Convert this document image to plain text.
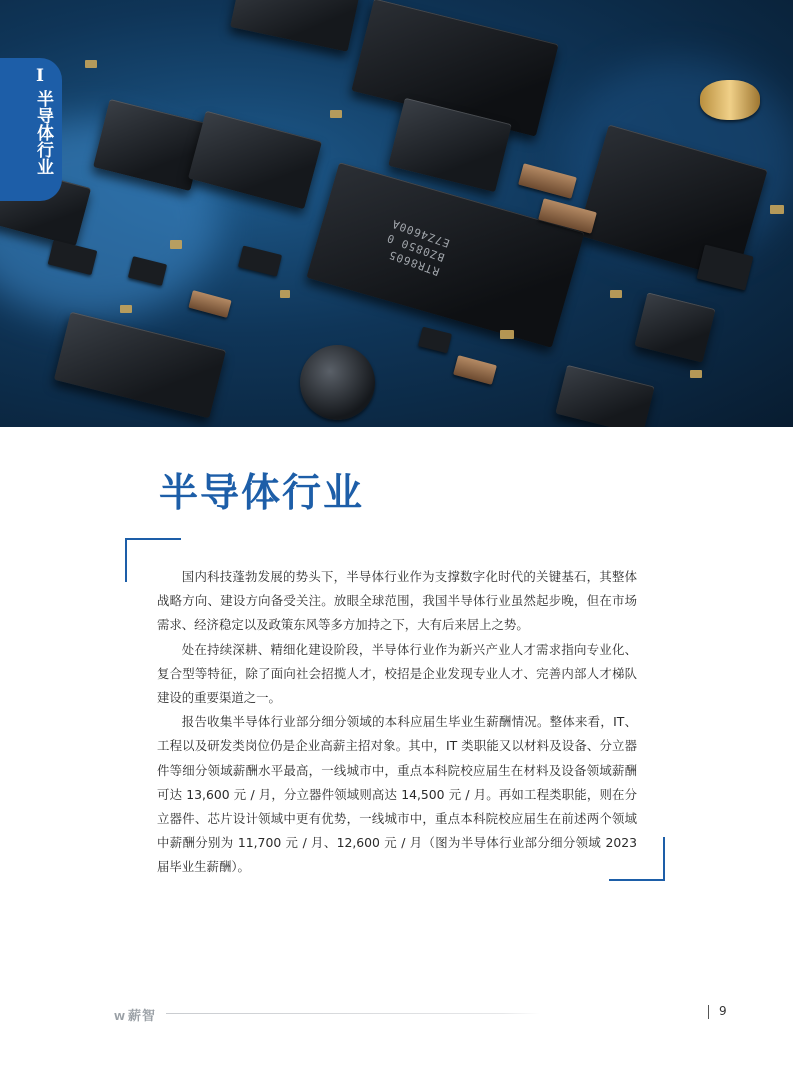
RTR8605
BZ0850 0
E7Z4600A
I
半导体行业
半导体行业

国内科技蓬勃发展的势头下，半导体行业作为支撑数字化时代的关键基石，其整体战略方向、建设方向备受关注。放眼全球范围，我国半导体行业虽然起步晚，但在市场需求、经济稳定以及政策东风等多方加持之下，大有后来居上之势。

处在持续深耕、精细化建设阶段，半导体行业作为新兴产业人才需求指向专业化、复合型等特征，除了面向社会招揽人才，校招是企业发现专业人才、完善内部人才梯队建设的重要渠道之一。

报告收集半导体行业部分细分领域的本科应届生毕业生薪酬情况。整体来看，IT、工程以及研发类岗位仍是企业高薪主招对象。其中，IT 类职能又以材料及设备、分立器件等细分领域薪酬水平最高，一线城市中，重点本科院校应届生在材料及设备领域薪酬可达 13,600 元 / 月，分立器件领域则高达 14,500 元 / 月。再如工程类职能，则在分立器件、芯片设计领域中更有优势，一线城市中，重点本科院校应届生在前述两个领域中薪酬分别为 11,700 元 / 月、12,600 元 / 月（图为半导体行业部分细分领域 2023 届毕业生薪酬）。

W 薪智	9
